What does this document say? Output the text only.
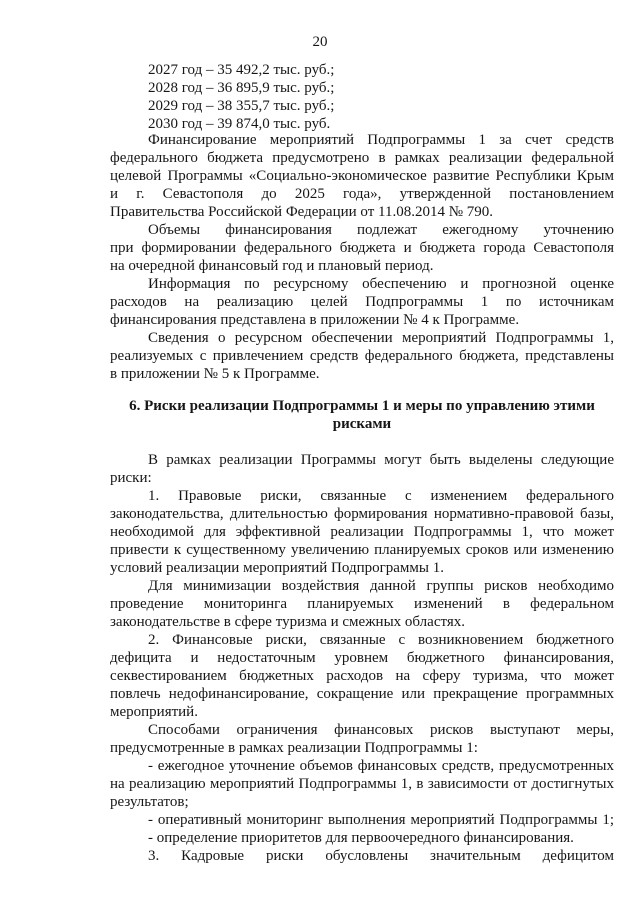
20
2027 год – 35 492,2 тыс. руб.;
2028 год – 36 895,9 тыс. руб.;
2029 год – 38 355,7 тыс. руб.;
2030 год – 39 874,0 тыс. руб.
Финансирование мероприятий Подпрограммы 1 за счет средств
федерального бюджета предусмотрено в рамках реализации федеральной
целевой Программы «Социально-экономическое развитие Республики Крым
и г. Севастополя до 2025 года», утвержденной постановлением
Правительства Российской Федерации от 11.08.2014 № 790.
Объемы финансирования подлежат ежегодному уточнению
при формировании федерального бюджета и бюджета города Севастополя
на очередной финансовый год и плановый период.
Информация по ресурсному обеспечению и прогнозной оценке
расходов на реализацию целей Подпрограммы 1 по источникам
финансирования представлена в приложении № 4 к Программе.
Сведения о ресурсном обеспечении мероприятий Подпрограммы 1,
реализуемых с привлечением средств федерального бюджета, представлены
в приложении № 5 к Программе.
6. Риски реализации Подпрограммы 1 и меры по управлению этими
рисками
В рамках реализации Программы могут быть выделены следующие
риски:
1. Правовые риски, связанные с изменением федерального
законодательства, длительностью формирования нормативно-правовой базы,
необходимой для эффективной реализации Подпрограммы 1, что может
привести к существенному увеличению планируемых сроков или изменению
условий реализации мероприятий Подпрограммы 1.
Для минимизации воздействия данной группы рисков необходимо
проведение мониторинга планируемых изменений в федеральном
законодательстве в сфере туризма и смежных областях.
2. Финансовые риски, связанные с возникновением бюджетного
дефицита и недостаточным уровнем бюджетного финансирования,
секвестированием бюджетных расходов на сферу туризма, что может
повлечь недофинансирование, сокращение или прекращение программных
мероприятий.
Способами ограничения финансовых рисков выступают меры,
предусмотренные в рамках реализации Подпрограммы 1:
- ежегодное уточнение объемов финансовых средств, предусмотренных
на реализацию мероприятий Подпрограммы 1, в зависимости от достигнутых
результатов;
- оперативный мониторинг выполнения мероприятий Подпрограммы 1;
- определение приоритетов для первоочередного финансирования.
3. Кадровые риски обусловлены значительным дефицитом
